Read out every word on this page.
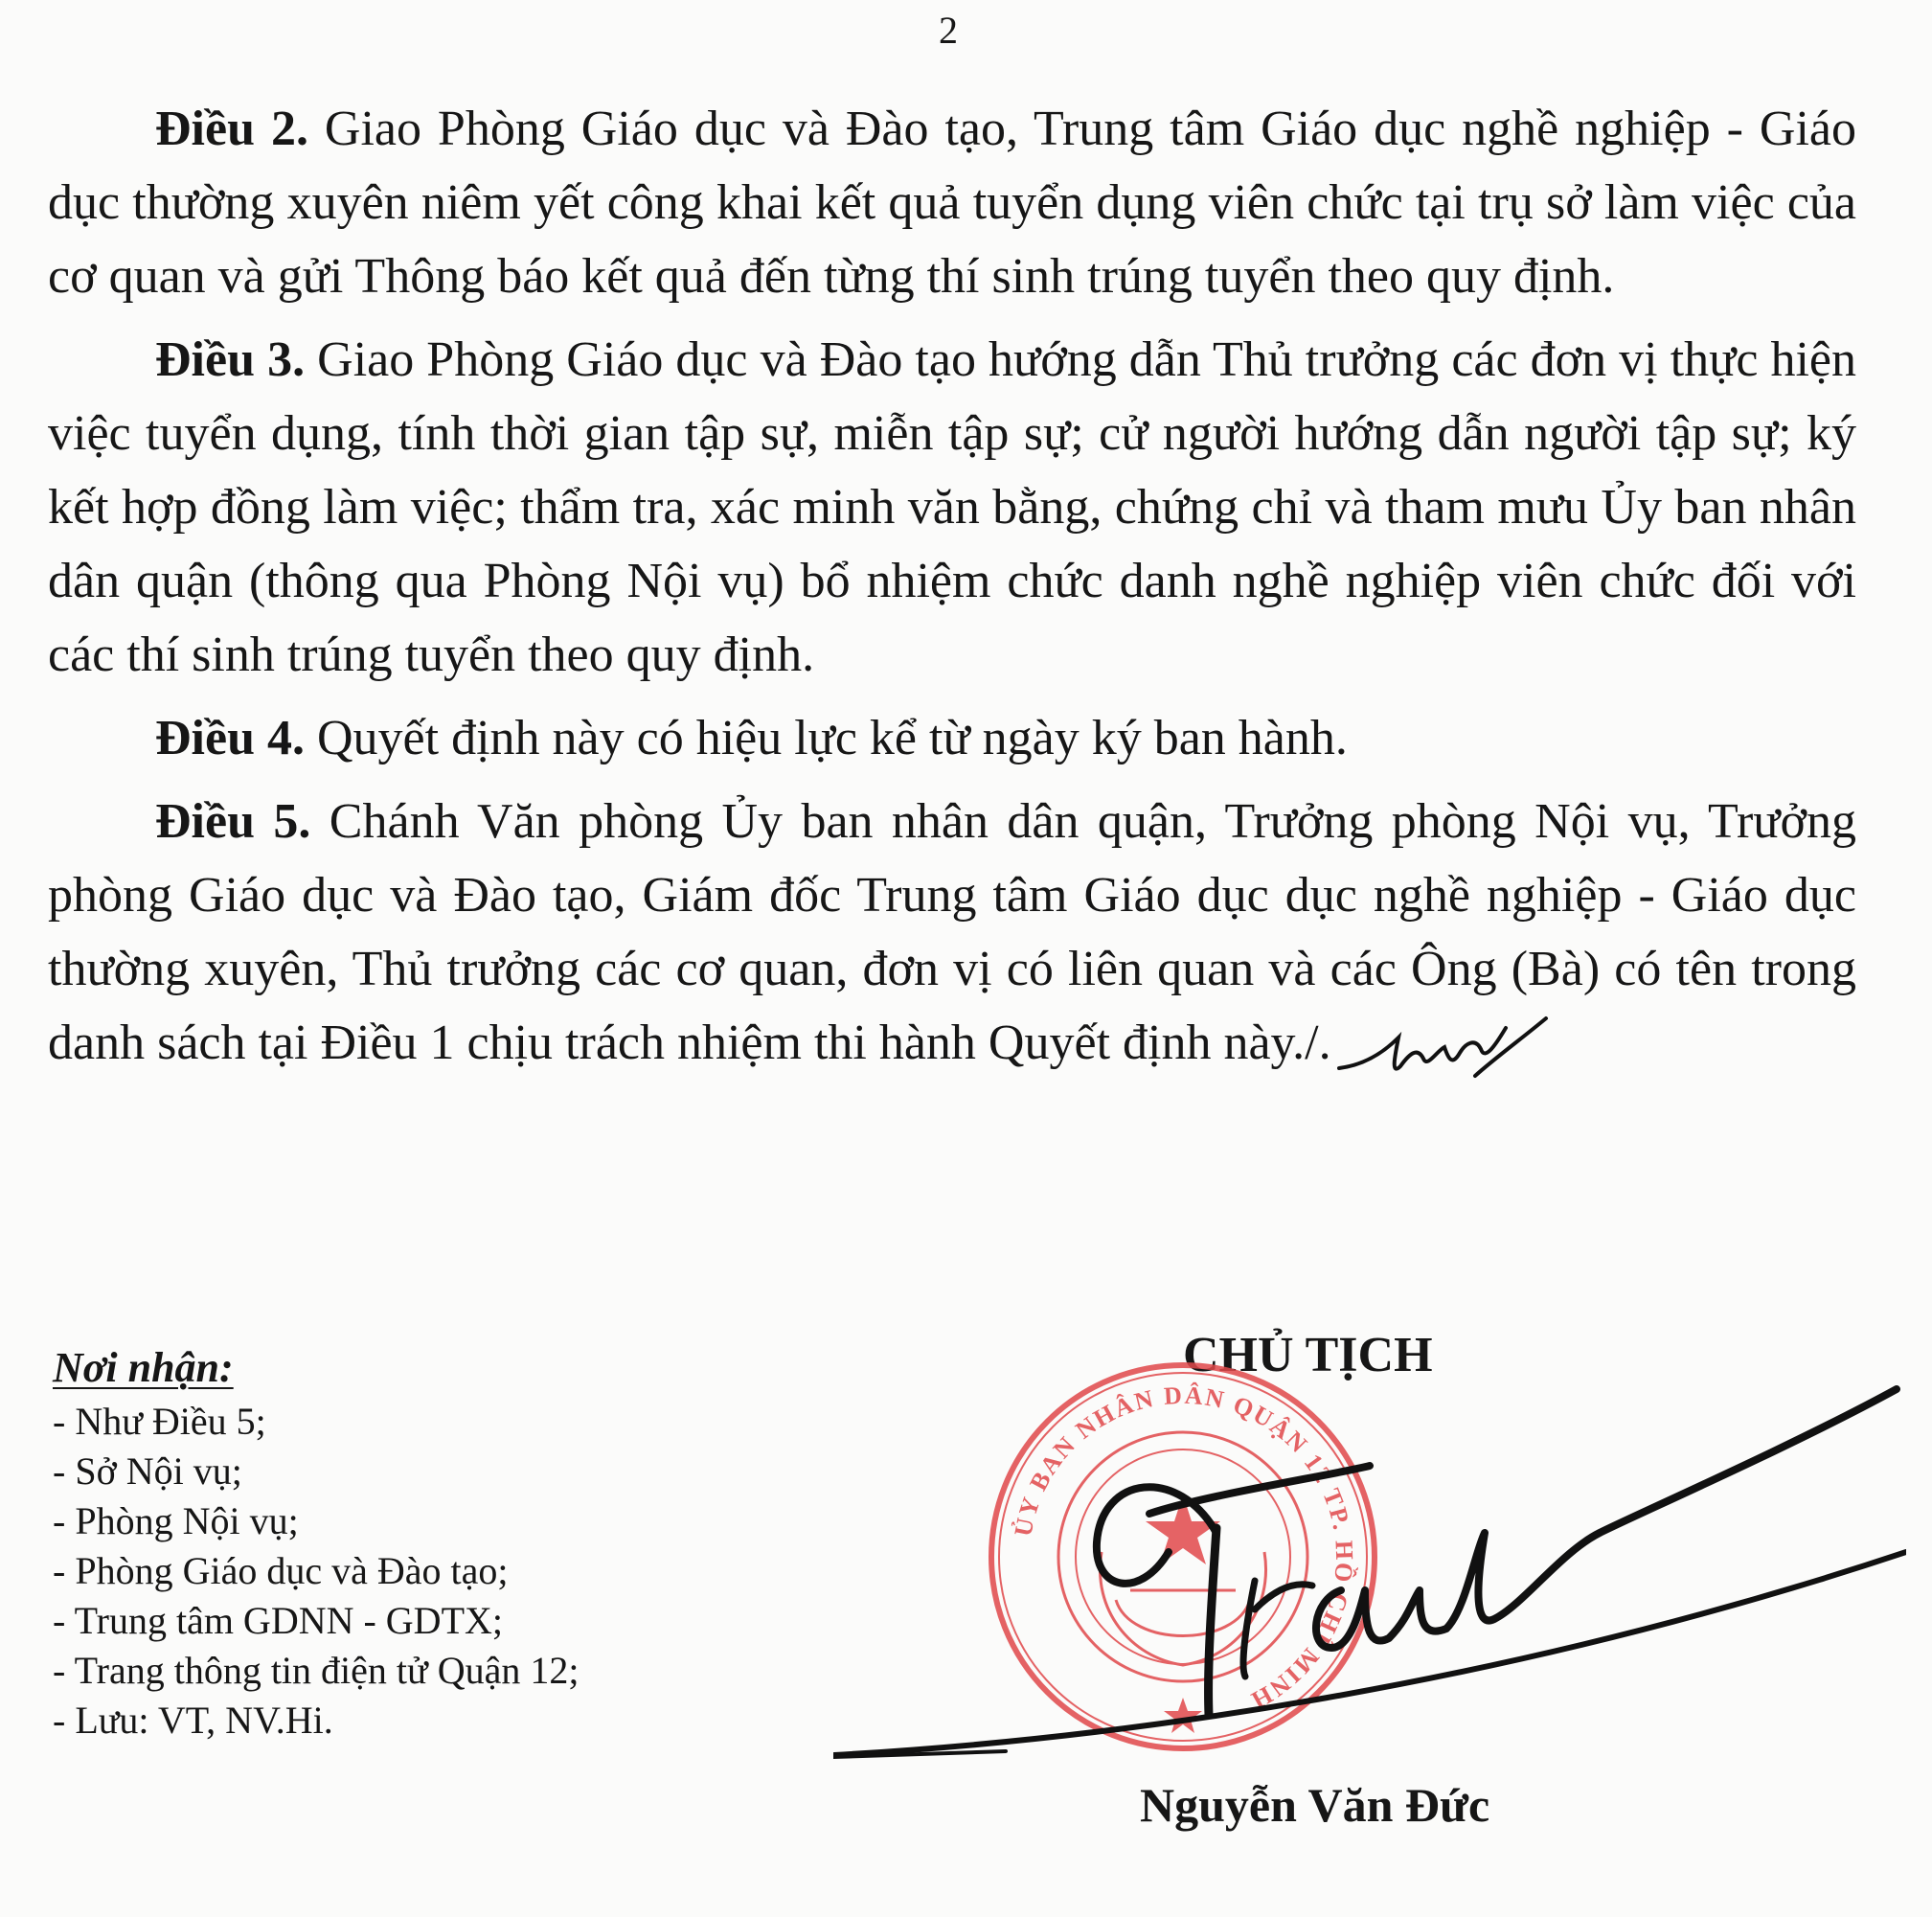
2

Điều 2. Giao Phòng Giáo dục và Đào tạo, Trung tâm Giáo dục nghề nghiệp - Giáo dục thường xuyên niêm yết công khai kết quả tuyển dụng viên chức tại trụ sở làm việc của cơ quan và gửi Thông báo kết quả đến từng thí sinh trúng tuyển theo quy định.

Điều 3. Giao Phòng Giáo dục và Đào tạo hướng dẫn Thủ trưởng các đơn vị thực hiện việc tuyển dụng, tính thời gian tập sự, miễn tập sự; cử người hướng dẫn người tập sự; ký kết hợp đồng làm việc; thẩm tra, xác minh văn bằng, chứng chỉ và tham mưu Ủy ban nhân dân quận (thông qua Phòng Nội vụ) bổ nhiệm chức danh nghề nghiệp viên chức đối với các thí sinh trúng tuyển theo quy định.

Điều 4. Quyết định này có hiệu lực kể từ ngày ký ban hành.

Điều 5. Chánh Văn phòng Ủy ban nhân dân quận, Trưởng phòng Nội vụ, Trưởng phòng Giáo dục và Đào tạo, Giám đốc Trung tâm Giáo dục dục nghề nghiệp - Giáo dục thường xuyên, Thủ trưởng các cơ quan, đơn vị có liên quan và các Ông (Bà) có tên trong danh sách tại Điều 1 chịu trách nhiệm thi hành Quyết định này./.

Nơi nhận:
- Như Điều 5;
- Sở Nội vụ;
- Phòng Nội vụ;
- Phòng Giáo dục và Đào tạo;
- Trung tâm GDNN - GDTX;
- Trang thông tin điện tử Quận 12;
- Lưu: VT, NV.Hi.
CHỦ TỊCH
ỦY BAN NHÂN DÂN QUẬN 12 TP. HỒ CHÍ MINH
Nguyễn Văn Đức
